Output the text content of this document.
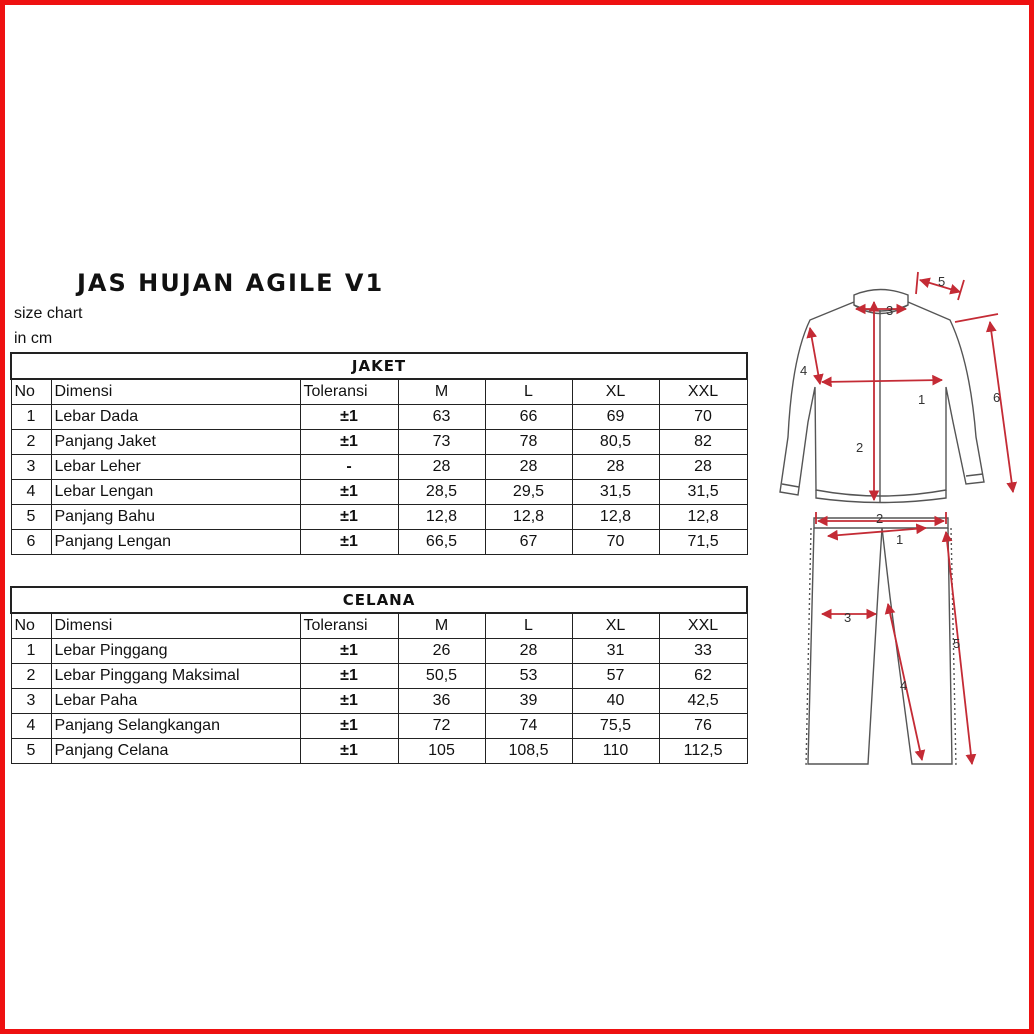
JAS HUJAN AGILE V1
size chart
in cm
JAKET						
No	Dimensi	Toleransi	M	L	XL	XXL
1	Lebar Dada	±1	63	66	69	70
2	Panjang Jaket	±1	73	78	80,5	82
3	Lebar Leher	-	28	28	28	28
4	Lebar Lengan	±1	28,5	29,5	31,5	31,5
5	Panjang Bahu	±1	12,8	12,8	12,8	12,8
6	Panjang Lengan	±1	66,5	67	70	71,5
CELANA						
No	Dimensi	Toleransi	M	L	XL	XXL
1	Lebar Pinggang	±1	26	28	31	33
2	Lebar Pinggang Maksimal	±1	50,5	53	57	62
3	Lebar Paha	±1	36	39	40	42,5
4	Panjang Selangkangan	±1	72	74	75,5	76
5	Panjang Celana	±1	105	108,5	110	112,5
1
2
3
4
5
6
1
2
3
4
5
